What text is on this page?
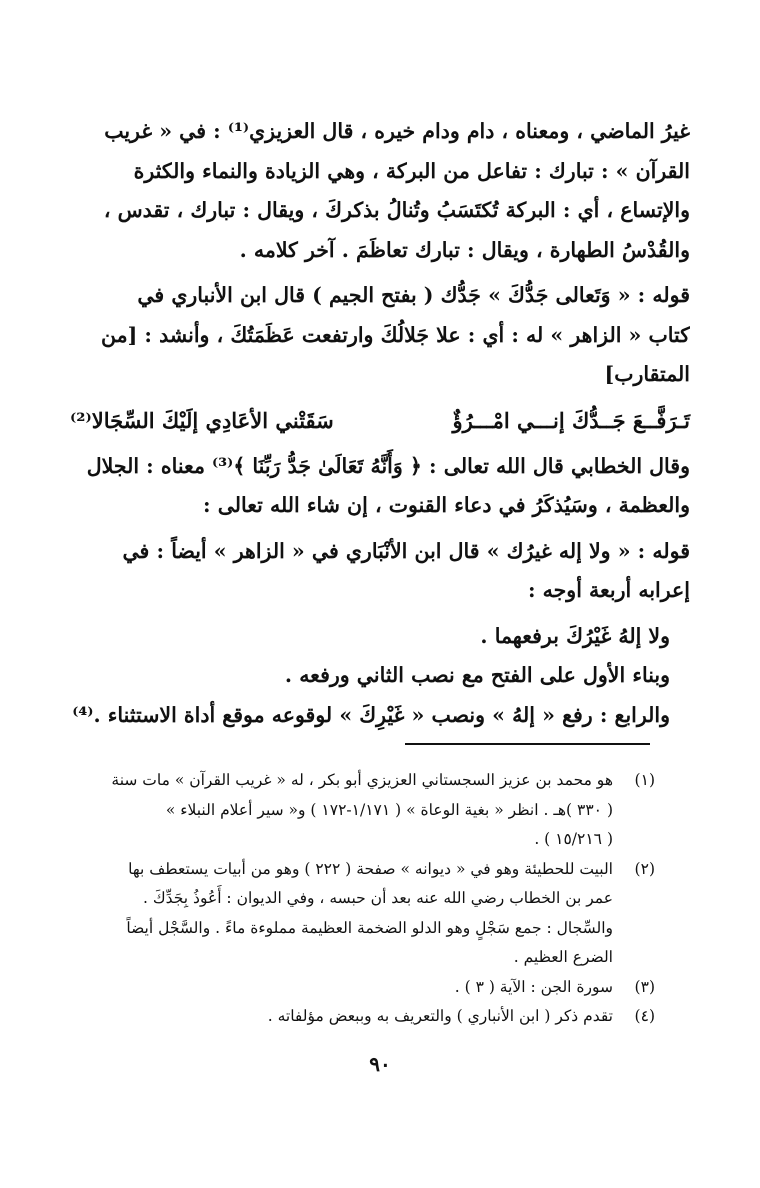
غيرُ الماضي ، ومعناه ، دام ودام خيره ، قال العزيزي⁽¹⁾ : في « غريب
القرآن » : تبارك : تفاعل من البركة ، وهي الزيادة والنماء والكثرة
والإتساع ، أي : البركة تُكتَسَبُ وتُنالُ بذكركَ ، ويقال : تبارك ، تقدس ،
والقُدْسُ الطهارة ، ويقال : تبارك تعاظَمَ . آخر كلامه .

قوله : « وَتَعالى جَدُّكَ » جَدُّك ( بفتح الجيم ) قال ابن الأنباري في
كتاب « الزاهر » له : أي : علا جَلالُكَ وارتفعت عَظَمَتُكَ ، وأنشد : [من
المتقارب]

تَـرَفَّــعَ جَــدُّكَ إنـــي امْـــرُؤٌ
سَقَتْني الأعَادِي إلَيْكَ السِّجَالا⁽²⁾

وقال الخطابي قال الله تعالى : ﴿ وَأَنَّهُ تَعَالَىٰ جَدُّ رَبِّنَا ﴾⁽³⁾ معناه : الجلال
والعظمة ، وسَيُذكَرُ في دعاء القنوت ، إن شاء الله تعالى :

قوله : « ولا إله غيرُك » قال ابن الأنْبَاري في « الزاهر » أيضاً : في
إعرابه أربعة أوجه :

ولا إلهُ غَيْرُكَ برفعهما .
وبناء الأول على الفتح مع نصب الثاني ورفعه .
والرابع : رفع « إلهُ » ونصب « غَيْرِكَ » لوقوعه موقع أداة الاستثناء .⁽⁴⁾
(١)
هو محمد بن عزيز السجستاني العزيزي أبو بكر ، له « غريب القرآن » مات سنة
( ٣٣٠ )هـ . انظر « بغية الوعاة » ( ١/١٧١-١٧٢ ) و« سير أعلام النبلاء »
( ١٥/٢١٦ ) .
(٢)
البيت للحطيئة وهو في « ديوانه » صفحة ( ٢٢٢ ) وهو من أبيات يستعطف بها
عمر بن الخطاب رضي الله عنه بعد أن حبسه ، وفي الديوان : أَعُوذُ بِجَدِّكَ .
والسِّجال : جمع سَجْلٍ وهو الدلو الضخمة العظيمة مملوءة ماءً . والسَّجْل أيضاً
الضرع العظيم .
(٣)
سورة الجن : الآية ( ٣ ) .
(٤)
تقدم ذكر ( ابن الأنباري ) والتعريف به وببعض مؤلفاته .
٩٠
